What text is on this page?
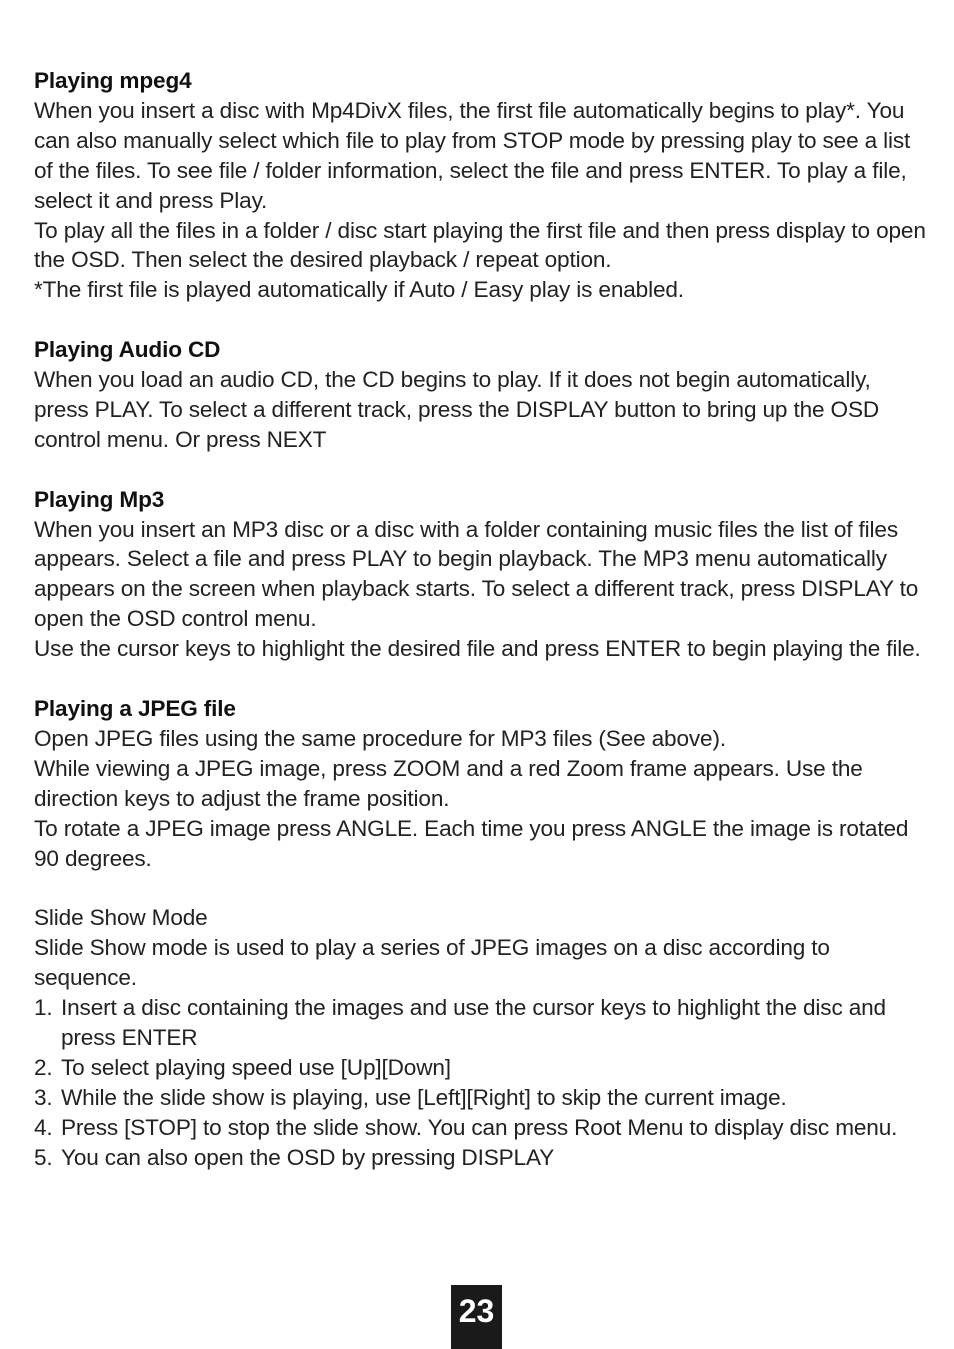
Playing mpeg4

When you insert a disc with Mp4DivX files, the first file automatically begins to play*. You can also manually select which file to play from STOP mode by pressing play to see a list of the files. To see file / folder information, select the file and press ENTER. To play a file, select it and press Play.

To play all the files in a folder / disc start playing the first file and then press display to open the OSD. Then select the desired playback / repeat option.

*The first file is played automatically if Auto / Easy play is enabled.

Playing Audio CD

When you load an audio CD, the CD begins to play. If it does not begin automatically, press PLAY. To select a different track, press the DISPLAY button to bring up the OSD control menu. Or press NEXT

Playing Mp3

When you insert an MP3 disc or a disc with a folder containing music files the list of files appears. Select a file and press PLAY to begin playback. The MP3 menu automatically appears on the screen when playback starts. To select a different track, press DISPLAY to open the OSD control menu.

Use the cursor keys to highlight the desired file and press ENTER to begin playing the file.

Playing a JPEG file

Open JPEG files using the same procedure for MP3 files (See above).

While viewing a JPEG image, press ZOOM and a red Zoom frame appears. Use the direction keys to adjust the frame position.

To rotate a JPEG image press ANGLE. Each time you press ANGLE the image is rotated 90 degrees.

Slide Show Mode

Slide Show mode is used to play a series of JPEG images on a disc according to sequence.

1. Insert a disc containing the images and use the cursor keys to highlight the disc and press ENTER
2. To select playing speed use [Up][Down]
3. While the slide show is playing, use [Left][Right] to skip the current image.
4. Press [STOP] to stop the slide show. You can press Root Menu to display disc menu.
5. You can also open the OSD by pressing DISPLAY
23
